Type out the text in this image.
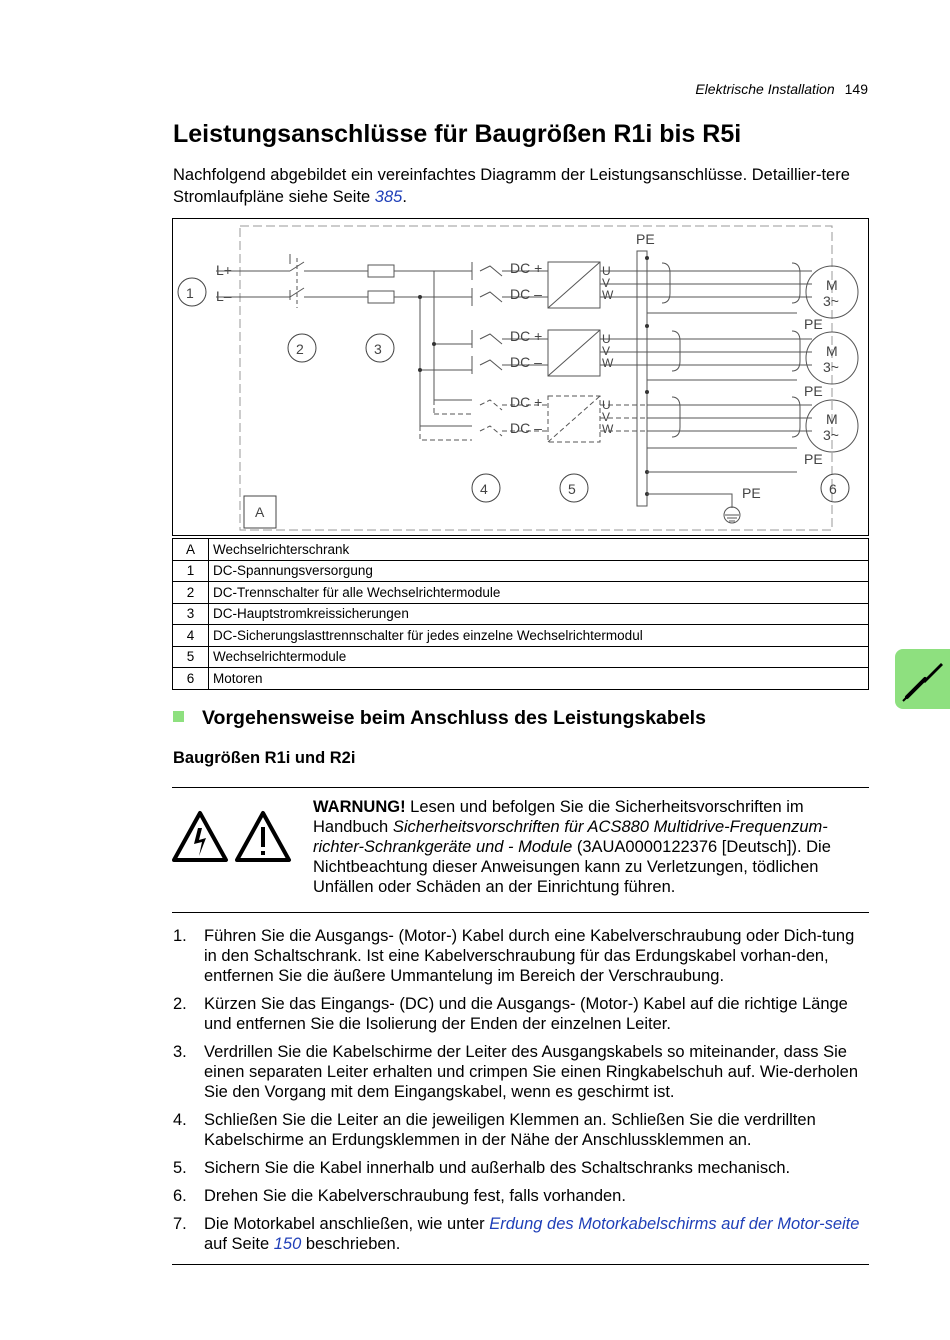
Elektrische Installation 149
Leistungsanschlüsse für Baugrößen R1i bis R5i

Nachfolgend abgebildet ein vereinfachtes Diagramm der Leistungsanschlüsse. Detaillier-tere Stromlaufpläne siehe Seite 385.

1
L+
L–
2	3
DC +
DC –
DC +
DC –
DC +
DC –
U
V
W
U
V
W
U
V
W
PE
PE
M
3~
PE
M
3~
PE
M
3~
PE
4	5	6
A
A	Wechselrichterschrank
1	DC-Spannungsversorgung
2	DC-Trennschalter für alle Wechselrichtermodule
3	DC-Hauptstromkreissicherungen
4	DC-Sicherungslasttrennschalter für jedes einzelne Wechselrichtermodul
5	Wechselrichtermodule
6	Motoren
Vorgehensweise beim Anschluss des Leistungskabels
Baugrößen R1i und R2i

WARNUNG! Lesen und befolgen Sie die Sicherheitsvorschriften im Handbuch Sicherheitsvorschriften für ACS880 Multidrive-Frequenzum-richter-Schrankgeräte und - Module (3AUA0000122376 [Deutsch]). Die Nichtbeachtung dieser Anweisungen kann zu Verletzungen, tödlichen Unfällen oder Schäden an der Einrichtung führen.

1. Führen Sie die Ausgangs- (Motor-) Kabel durch eine Kabelverschraubung oder Dich-tung in den Schaltschrank. Ist eine Kabelverschraubung für das Erdungskabel vorhan-den, entfernen Sie die äußere Ummantelung im Bereich der Verschraubung.
2. Kürzen Sie das Eingangs- (DC) und die Ausgangs- (Motor-) Kabel auf die richtige Länge und entfernen Sie die Isolierung der Enden der einzelnen Leiter.
3. Verdrillen Sie die Kabelschirme der Leiter des Ausgangskabels so miteinander, dass Sie einen separaten Leiter erhalten und crimpen Sie einen Ringkabelschuh auf. Wie-derholen Sie den Vorgang mit dem Eingangskabel, wenn es geschirmt ist.
4. Schließen Sie die Leiter an die jeweiligen Klemmen an. Schließen Sie die verdrillten Kabelschirme an Erdungsklemmen in der Nähe der Anschlussklemmen an.
5. Sichern Sie die Kabel innerhalb und außerhalb des Schaltschranks mechanisch.
6. Drehen Sie die Kabelverschraubung fest, falls vorhanden.
7. Die Motorkabel anschließen, wie unter Erdung des Motorkabelschirms auf der Motor-seite auf Seite 150 beschrieben.
